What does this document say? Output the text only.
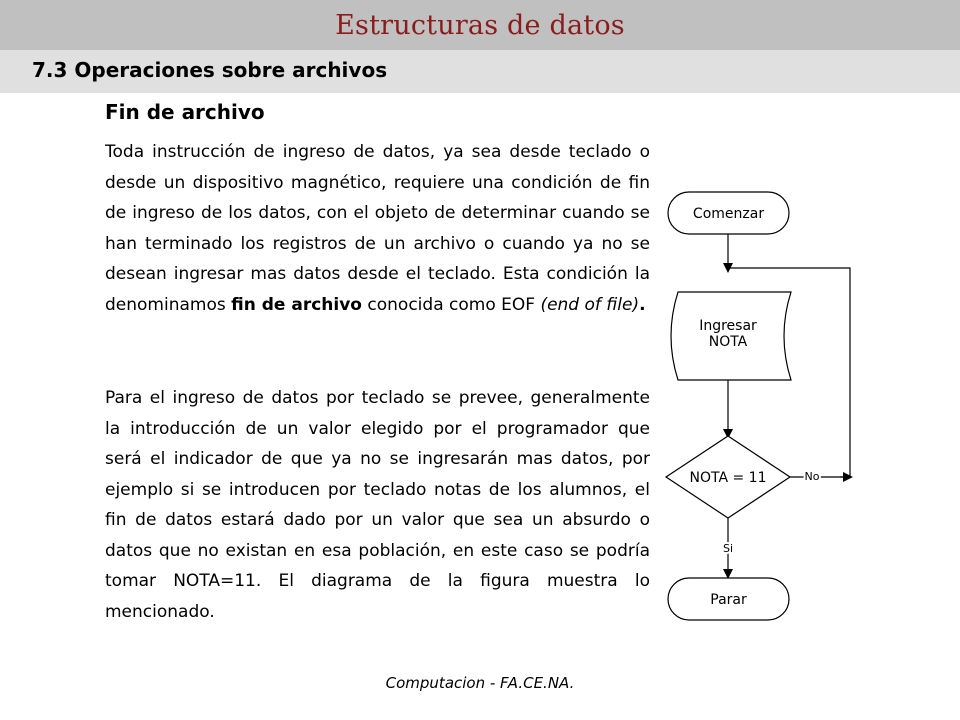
Estructuras de datos
7.3 Operaciones sobre archivos
Fin de archivo

Toda instrucción de ingreso de datos, ya sea desde teclado o desde un dispositivo magnético, requiere una condición de fin de ingreso de los datos, con el objeto de determinar cuando se han terminado los registros de un archivo o cuando ya no se desean ingresar mas datos desde el teclado. Esta condición la denominamos fin de archivo conocida como EOF (end of file).

Para el ingreso de datos por teclado se prevee, generalmente la introducción de un valor elegido por el programador que será el indicador de que ya no se ingresarán mas datos, por ejemplo si se introducen por teclado notas de los alumnos, el fin de datos estará dado por un valor que sea un absurdo o datos que no existan en esa población, en este caso se podría tomar NOTA=11. El diagrama de la figura muestra lo mencionado.

Comenzar
Ingresar
NOTA
NOTA = 11	No
Si
Parar
Computacion - FA.CE.NA.
